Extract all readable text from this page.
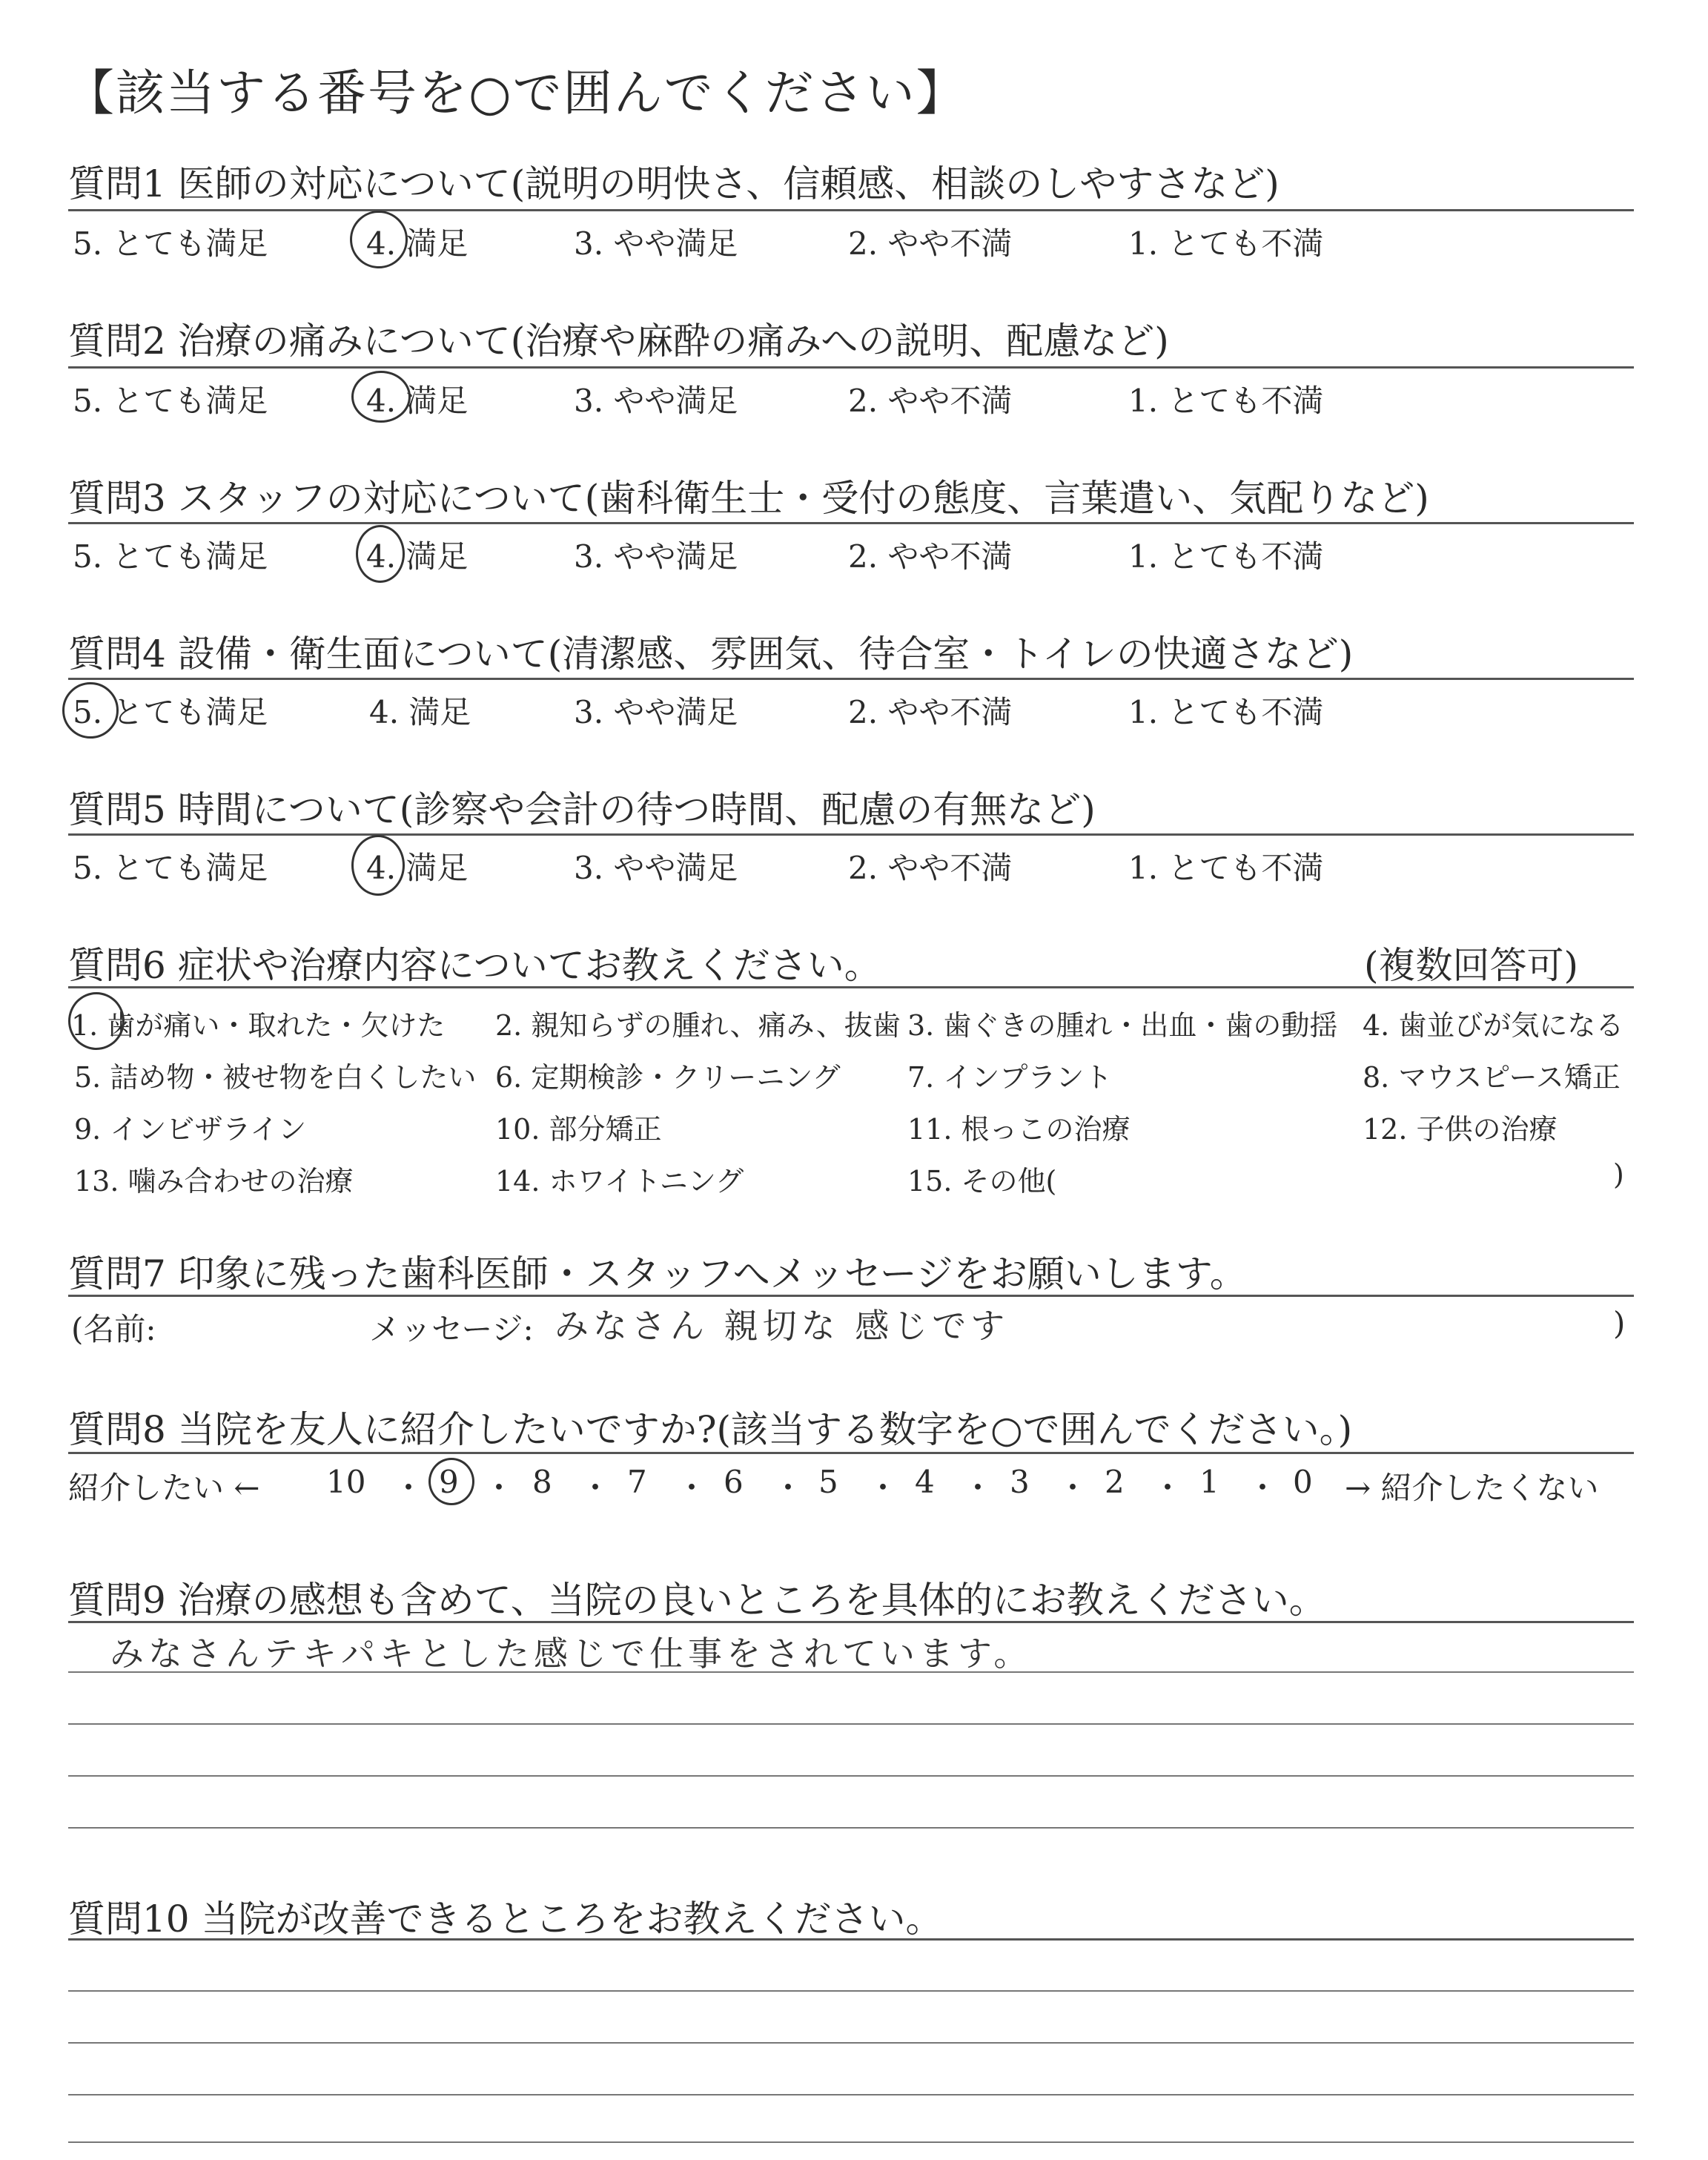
【該当する番号を○で囲んでください】
質問1 医師の対応について(説明の明快さ、信頼感、相談のしやすさなど)
5. とても満足	4. 満足	3. やや満足	2. やや不満	1. とても不満
質問2 治療の痛みについて(治療や麻酔の痛みへの説明、配慮など)
5. とても満足	4. 満足	3. やや満足	2. やや不満	1. とても不満
質問3 スタッフの対応について(歯科衛生士・受付の態度、言葉遣い、気配りなど)
5. とても満足	4. 満足	3. やや満足	2. やや不満	1. とても不満
質問4 設備・衛生面について(清潔感、雰囲気、待合室・トイレの快適さなど)
5. とても満足	4. 満足	3. やや満足	2. やや不満	1. とても不満
質問5 時間について(診察や会計の待つ時間、配慮の有無など)
5. とても満足	4. 満足	3. やや満足	2. やや不満	1. とても不満
質問6 症状や治療内容についてお教えください。	(複数回答可)
1. 歯が痛い・取れた・欠けた 2. 親知らずの腫れ、痛み、抜歯 3. 歯ぐきの腫れ・出血・歯の動揺 4. 歯並びが気になる
5. 詰め物・被せ物を白くしたい 6. 定期検診・クリーニング 7. インプラント	8. マウスピース矯正
9. インビザライン	10. 部分矯正	11. 根っこの治療	12. 子供の治療
13. 噛み合わせの治療	14. ホワイトニング	15. その他(	)
質問7 印象に残った歯科医師・スタッフへメッセージをお願いします。
(名前:	メッセージ: みなさん 親切な 感じです	)
質問8 当院を友人に紹介したいですか?(該当する数字を○で囲んでください。)
紹介したい ← 10 ・ 9 ・ 8 ・ 7 ・ 6 ・ 5 ・ 4 ・ 3 ・ 2 ・ 1 ・ 0 → 紹介したくない
質問9 治療の感想も含めて、当院の良いところを具体的にお教えください。
みなさんテキパキとした感じで仕事をされています。
質問10 当院が改善できるところをお教えください。
